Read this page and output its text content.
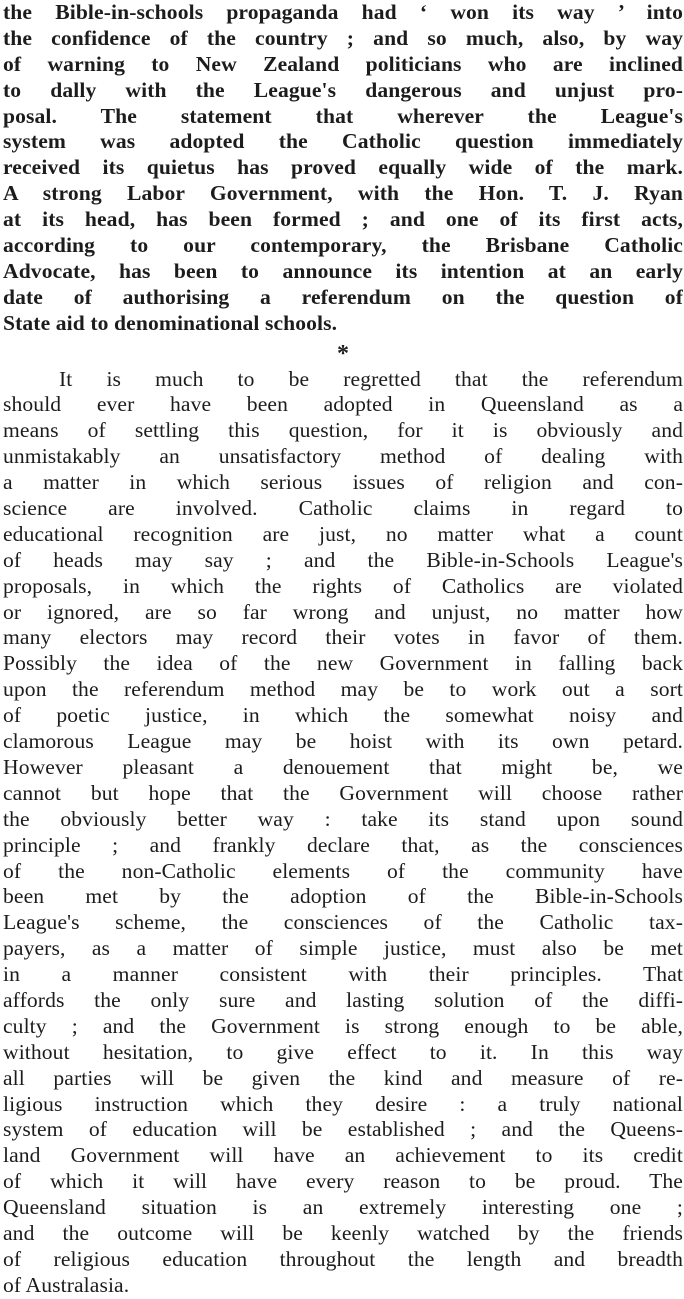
the Bible-in-schools propaganda had ‘ won its way ’ into
the confidence of the country ; and so much, also, by way
of warning to New Zealand politicians who are inclined
to dally with the League's dangerous and unjust pro-
posal. The statement that wherever the League's
system was adopted the Catholic question immediately
received its quietus has proved equally wide of the mark.
A strong Labor Government, with the Hon. T. J. Ryan
at its head, has been formed ; and one of its first acts,
according to our contemporary, the Brisbane Catholic
Advocate, has been to announce its intention at an early
date of authorising a referendum on the question of
State aid to denominational schools.
*
It is much to be regretted that the referendum
should ever have been adopted in Queensland as a
means of settling this question, for it is obviously and
unmistakably an unsatisfactory method of dealing with
a matter in which serious issues of religion and con-
science are involved. Catholic claims in regard to
educational recognition are just, no matter what a count
of heads may say ; and the Bible-in-Schools League's
proposals, in which the rights of Catholics are violated
or ignored, are so far wrong and unjust, no matter how
many electors may record their votes in favor of them.
Possibly the idea of the new Government in falling back
upon the referendum method may be to work out a sort
of poetic justice, in which the somewhat noisy and
clamorous League may be hoist with its own petard.
However pleasant a denouement that might be, we
cannot but hope that the Government will choose rather
the obviously better way : take its stand upon sound
principle ; and frankly declare that, as the consciences
of the non-Catholic elements of the community have
been met by the adoption of the Bible-in-Schools
League's scheme, the consciences of the Catholic tax-
payers, as a matter of simple justice, must also be met
in a manner consistent with their principles. That
affords the only sure and lasting solution of the diffi-
culty ; and the Government is strong enough to be able,
without hesitation, to give effect to it. In this way
all parties will be given the kind and measure of re-
ligious instruction which they desire : a truly national
system of education will be established ; and the Queens-
land Government will have an achievement to its credit
of which it will have every reason to be proud. The
Queensland situation is an extremely interesting one ;
and the outcome will be keenly watched by the friends
of religious education throughout the length and breadth
of Australasia.
